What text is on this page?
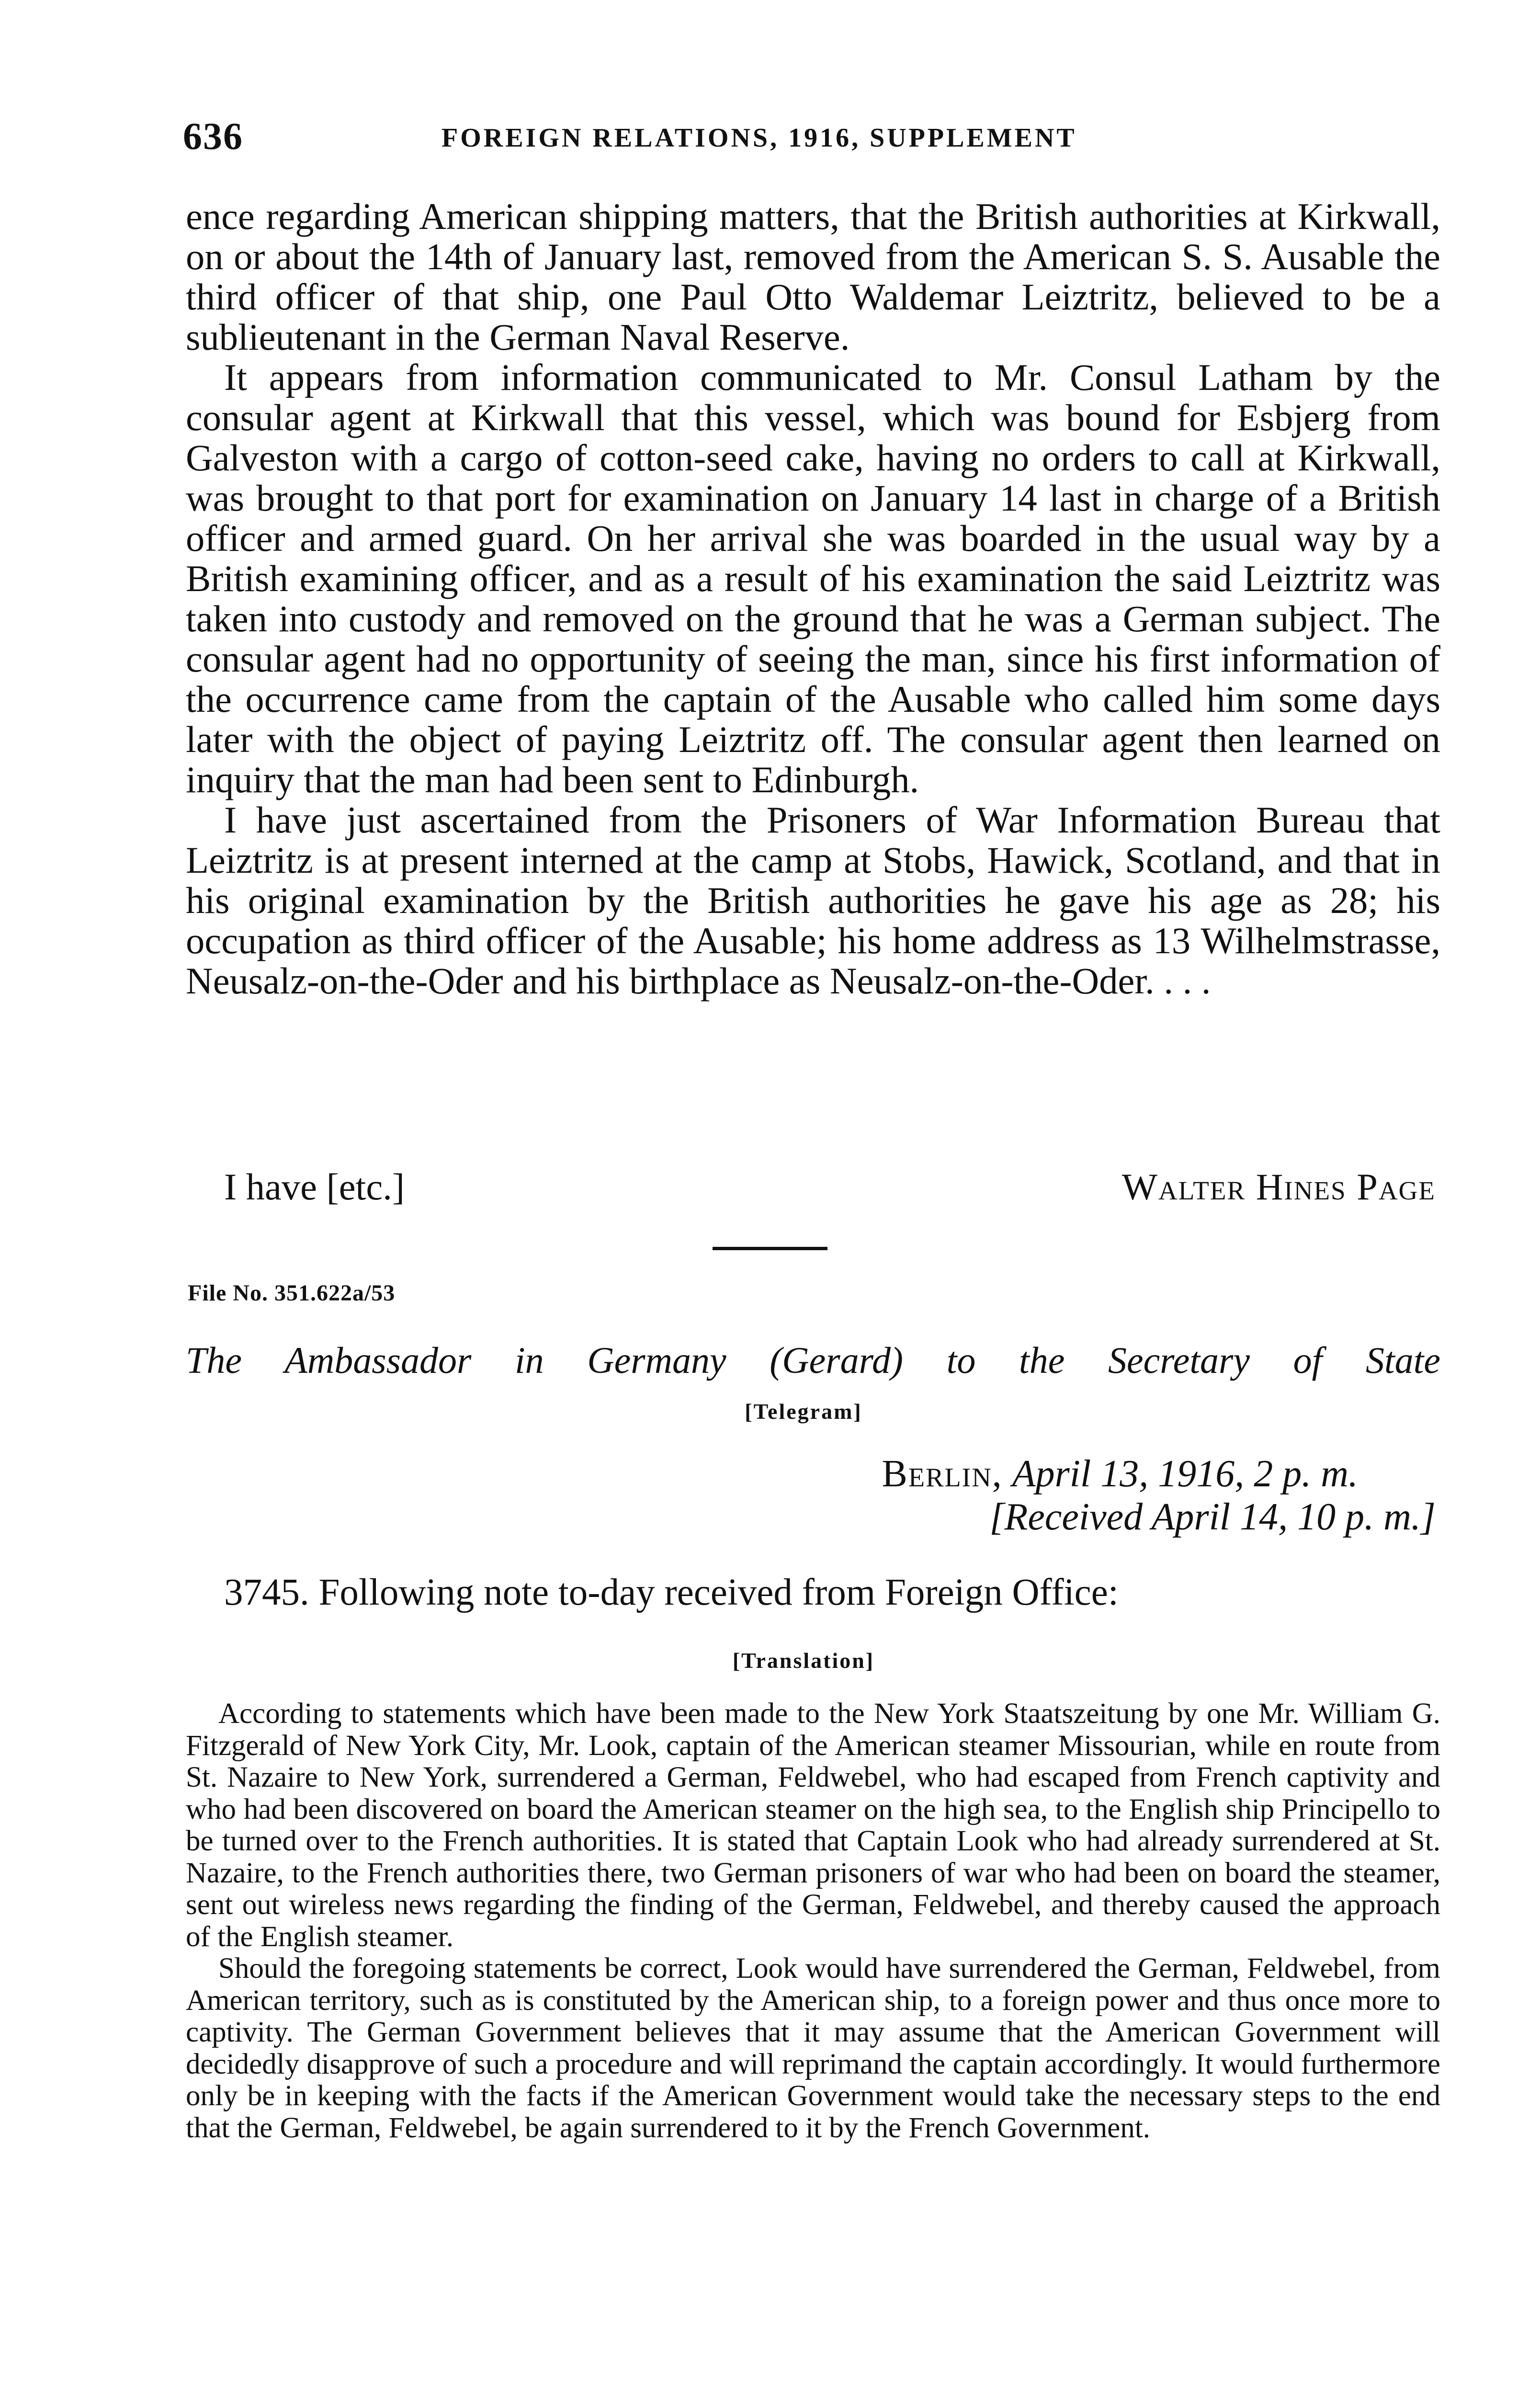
636	FOREIGN RELATIONS, 1916, SUPPLEMENT

ence regarding American shipping matters, that the British authorities at Kirkwall, on or about the 14th of January last, removed from the American S. S. Ausable the third officer of that ship, one Paul Otto Waldemar Leiztritz, believed to be a sublieutenant in the German Naval Reserve.

It appears from information communicated to Mr. Consul Latham by the consular agent at Kirkwall that this vessel, which was bound for Esbjerg from Galveston with a cargo of cotton-seed cake, having no orders to call at Kirkwall, was brought to that port for examination on January 14 last in charge of a British officer and armed guard. On her arrival she was boarded in the usual way by a British examining officer, and as a result of his examination the said Leiztritz was taken into custody and removed on the ground that he was a German subject. The consular agent had no opportunity of seeing the man, since his first information of the occurrence came from the captain of the Ausable who called him some days later with the object of paying Leiztritz off. The consular agent then learned on inquiry that the man had been sent to Edinburgh.

I have just ascertained from the Prisoners of War Information Bureau that Leiztritz is at present interned at the camp at Stobs, Hawick, Scotland, and that in his original examination by the British authorities he gave his age as 28; his occupation as third officer of the Ausable; his home address as 13 Wilhelmstrasse, Neusalz-on-the-Oder and his birthplace as Neusalz-on-the-Oder. . . .

I have [etc.]	Walter Hines Page
File No. 351.622a/53
The Ambassador in Germany (Gerard) to the Secretary of State
[Telegram]
Berlin, April 13, 1916, 2 p. m.
[Received April 14, 10 p. m.]
3745. Following note to-day received from Foreign Office:
[Translation]

According to statements which have been made to the New York Staatszeitung by one Mr. William G. Fitzgerald of New York City, Mr. Look, captain of the American steamer Missourian, while en route from St. Nazaire to New York, surrendered a German, Feldwebel, who had escaped from French captivity and who had been discovered on board the American steamer on the high sea, to the English ship Principello to be turned over to the French authorities. It is stated that Captain Look who had already surrendered at St. Nazaire, to the French authorities there, two German prisoners of war who had been on board the steamer, sent out wireless news regarding the finding of the German, Feldwebel, and thereby caused the approach of the English steamer.

Should the foregoing statements be correct, Look would have surrendered the German, Feldwebel, from American territory, such as is constituted by the American ship, to a foreign power and thus once more to captivity. The German Government believes that it may assume that the American Government will decidedly disapprove of such a procedure and will reprimand the captain accordingly. It would furthermore only be in keeping with the facts if the American Government would take the necessary steps to the end that the German, Feldwebel, be again surrendered to it by the French Government.
